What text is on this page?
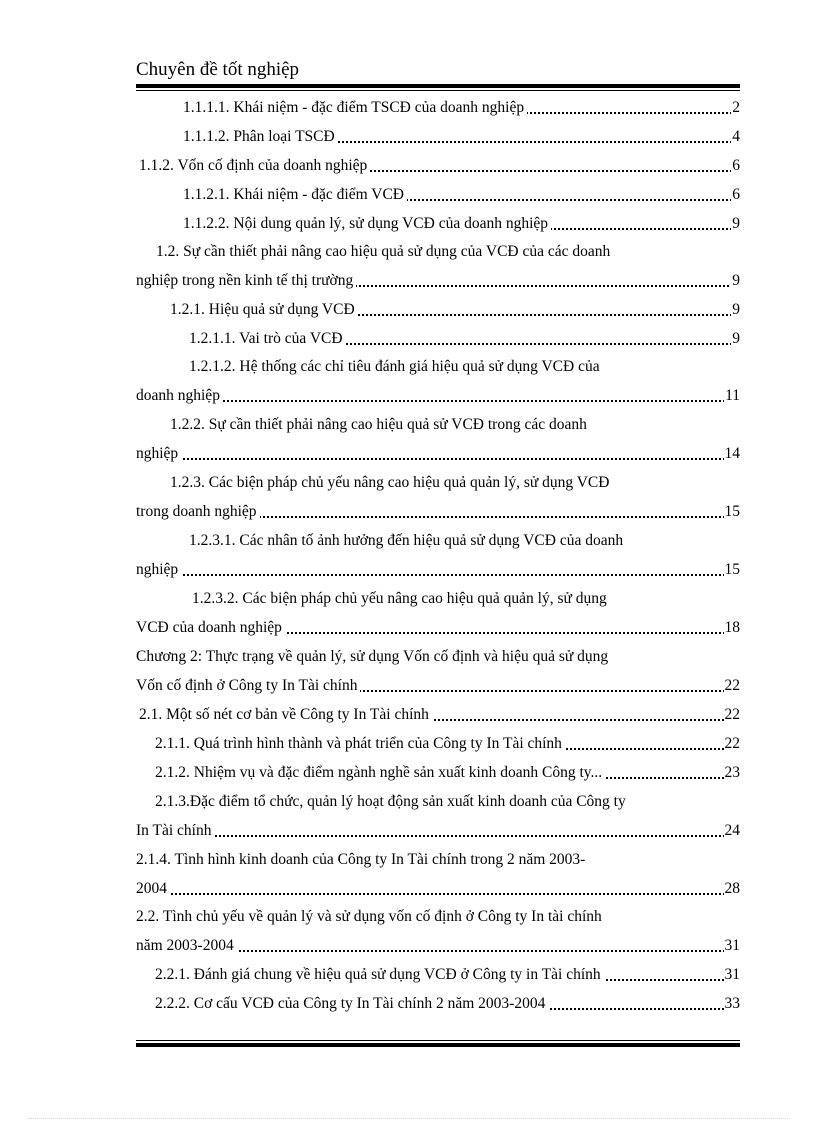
Chuyên đề tốt nghiệp
1.1.1.1. Khái niệm - đặc điểm TSCĐ của doanh nghiệp	2
1.1.1.2. Phân loại TSCĐ	4
1.1.2. Vốn cố định của doanh nghiệp	6
1.1.2.1. Khái niệm - đặc điểm VCĐ	6
1.1.2.2. Nội dung quản lý, sử dụng VCĐ của doanh nghiệp	9
1.2. Sự cần thiết phải nâng cao hiệu quả sử dụng của VCĐ của các doanh
nghiệp trong nền kinh tế thị trường	9
1.2.1. Hiệu quả sử dụng VCĐ	9
1.2.1.1. Vai trò của VCĐ	9
1.2.1.2. Hệ thống các chỉ tiêu đánh giá hiệu quả sử dụng VCĐ của
doanh nghiệp	11
1.2.2. Sự cần thiết phải nâng cao hiệu quả sử VCĐ trong các doanh
nghiệp	14
1.2.3. Các biện pháp chủ yếu nâng cao hiệu quả quản lý, sử dụng VCĐ
trong doanh nghiệp	15
1.2.3.1. Các nhân tố ảnh hưởng đến hiệu quả sử dụng VCĐ của doanh
nghiệp	15
1.2.3.2. Các biện pháp chủ yếu nâng cao hiệu quả quản lý, sử dụng
VCĐ của doanh nghiệp	18
Chương 2: Thực trạng về quản lý, sử dụng Vốn cố định và hiệu quả sử dụng
Vốn cố định ở Công ty In Tài chính	22
2.1. Một số nét cơ bản về Công ty In Tài chính	22
2.1.1. Quá trình hình thành và phát triển của Công ty In Tài chính	22
2.1.2. Nhiệm vụ và đặc điểm ngành nghề sản xuất kinh doanh Công ty...	23
2.1.3.Đặc điểm tổ chức, quản lý hoạt động sản xuất kinh doanh của Công ty
In Tài chính	24
2.1.4. Tình hình kinh doanh của Công ty In Tài chính trong 2 năm 2003-
2004	28
2.2. Tình chủ yếu về quản lý và sử dụng vốn cố định ở Công ty In tài chính
năm 2003-2004	31
2.2.1. Đánh giá chung về hiệu quả sử dụng VCĐ ở Công ty in Tài chính	31
2.2.2. Cơ cấu VCĐ của Công ty In Tài chính 2 năm 2003-2004	33
